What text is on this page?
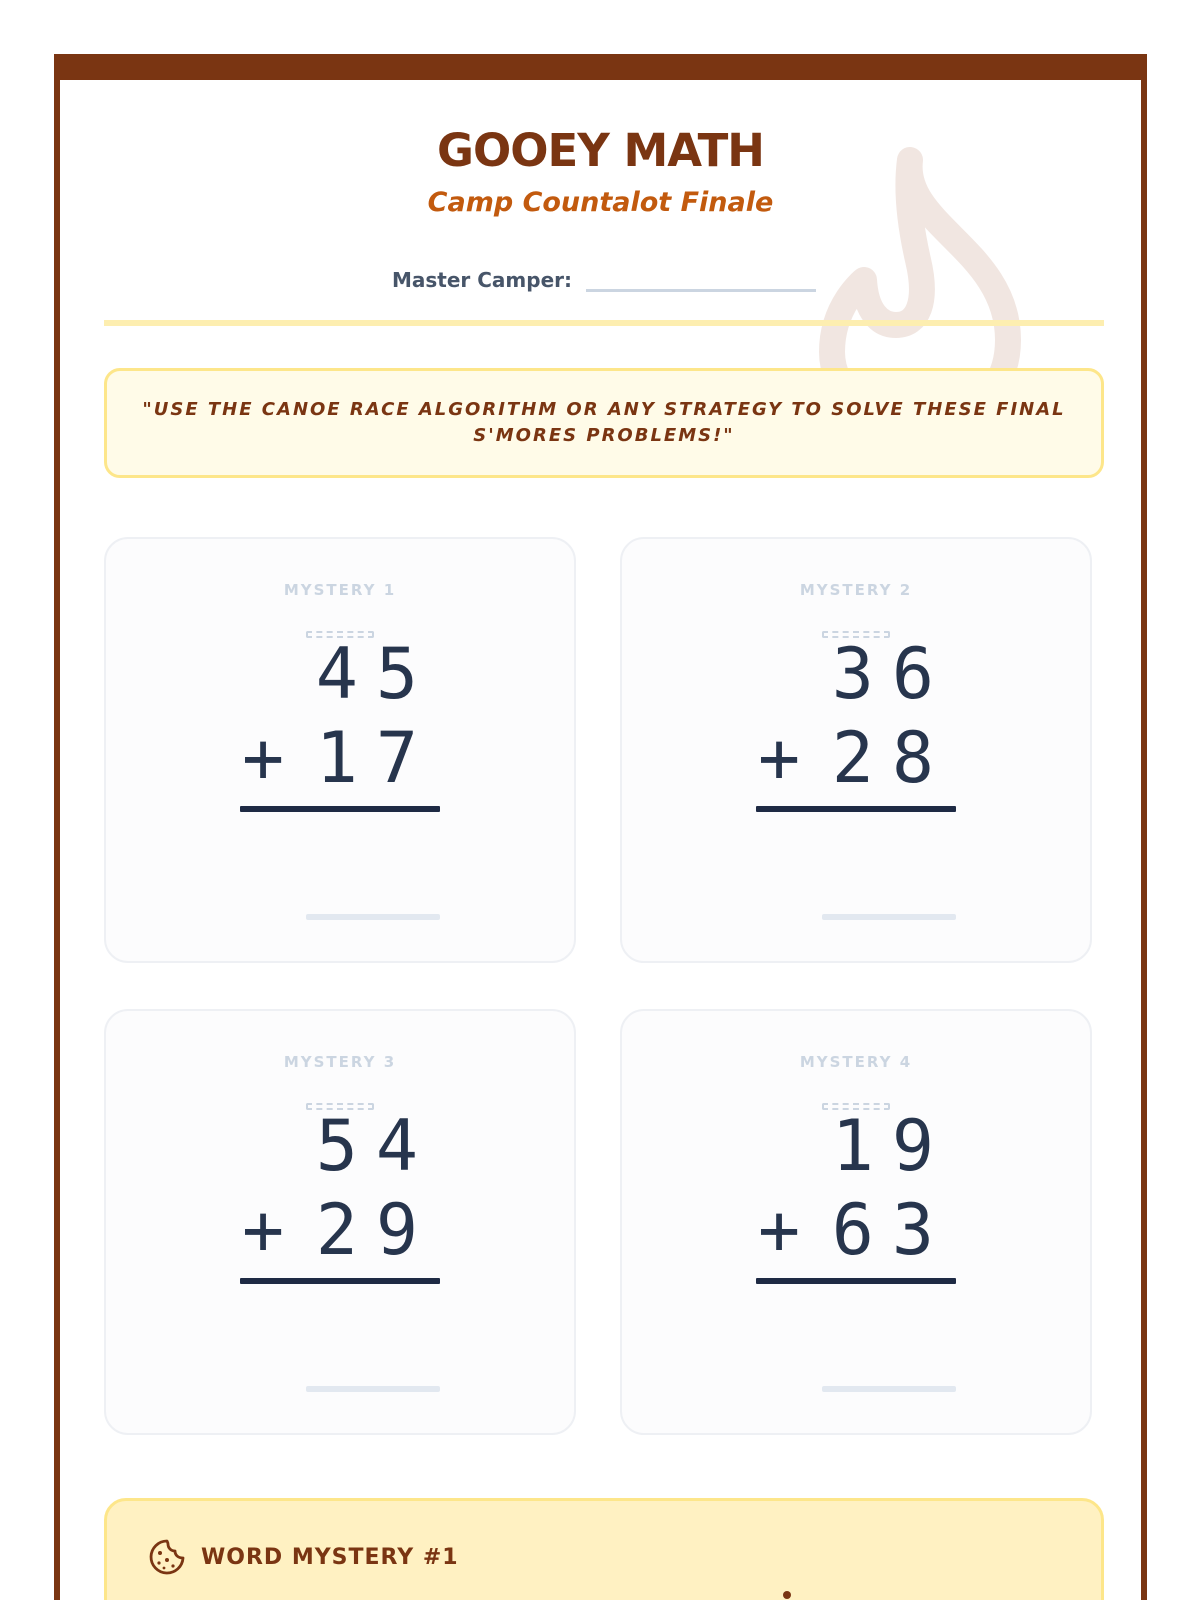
GOOEY MATH
Camp Countalot Finale
Master Camper:
"USE THE CANOE RACE ALGORITHM OR ANY STRATEGY TO SOLVE THESE FINAL S'MORES PROBLEMS!"
MYSTERY 1
45
+ 17
MYSTERY 2
36
+ 28
MYSTERY 3
54
+ 29
MYSTERY 4
19
+ 63
WORD MYSTERY #1
